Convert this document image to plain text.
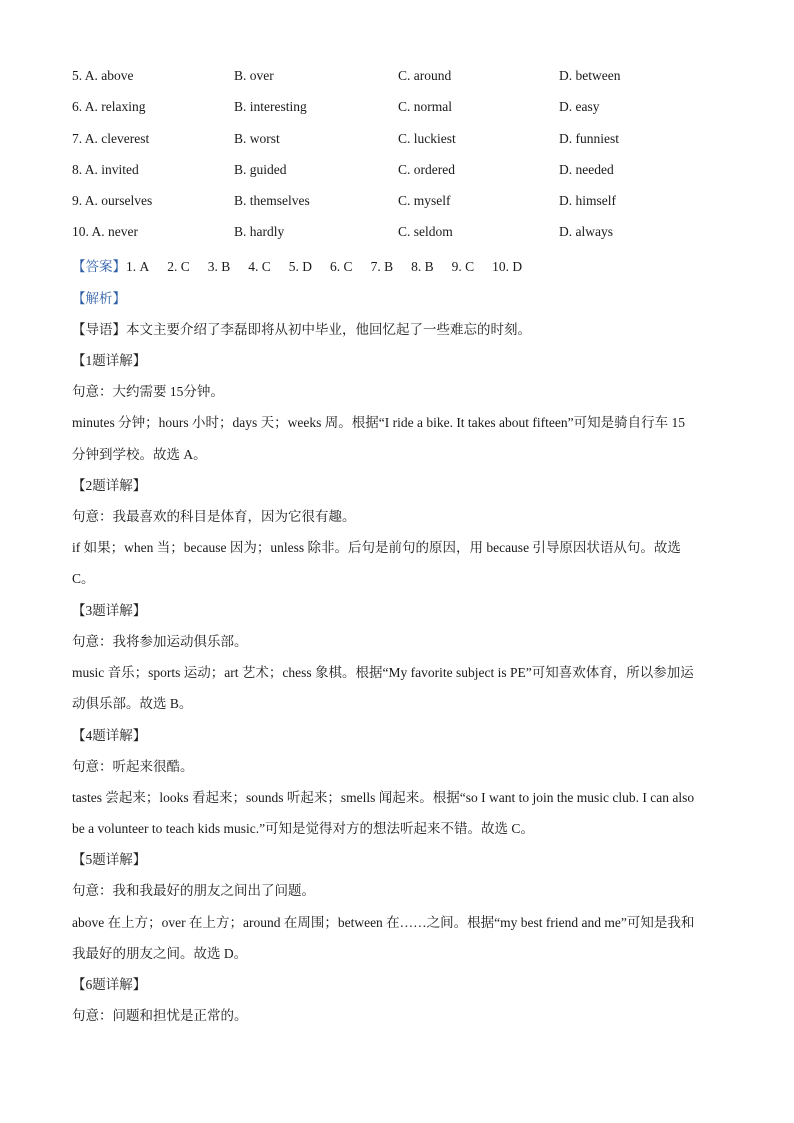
5. A. above	B. over	C. around	D. between
6. A. relaxing	B. interesting	C. normal	D. easy
7. A. cleverest	B. worst	C. luckiest	D. funniest
8. A. invited	B. guided	C. ordered	D. needed
9. A. ourselves	B. themselves	C. myself	D. himself
10. A. never	B. hardly	C. seldom	D. always
【答案】1. A 2. C 3. B 4. C 5. D 6. C 7. B 8. B 9. C 10. D
【解析】
【导语】本文主要介绍了李磊即将从初中毕业，他回忆起了一些难忘的时刻。
【1题详解】
句意：大约需要 15分钟。
minutes 分钟；hours 小时；days 天；weeks 周。根据“I ride a bike. It takes about fifteen”可知是骑自行车 15
分钟到学校。故选 A。
【2题详解】
句意：我最喜欢的科目是体育，因为它很有趣。
if 如果；when 当；because 因为；unless 除非。后句是前句的原因，用 because 引导原因状语从句。故选
C。
【3题详解】
句意：我将参加运动俱乐部。
music 音乐；sports 运动；art 艺术；chess 象棋。根据“My favorite subject is PE”可知喜欢体育，所以参加运
动俱乐部。故选 B。
【4题详解】
句意：听起来很酷。
tastes 尝起来；looks 看起来；sounds 听起来；smells 闻起来。根据“so I want to join the music club. I can also
be a volunteer to teach kids music.”可知是觉得对方的想法听起来不错。故选 C。
【5题详解】
句意：我和我最好的朋友之间出了问题。
above 在上方；over 在上方；around 在周围；between 在……之间。根据“my best friend and me”可知是我和
我最好的朋友之间。故选 D。
【6题详解】
句意：问题和担忧是正常的。
